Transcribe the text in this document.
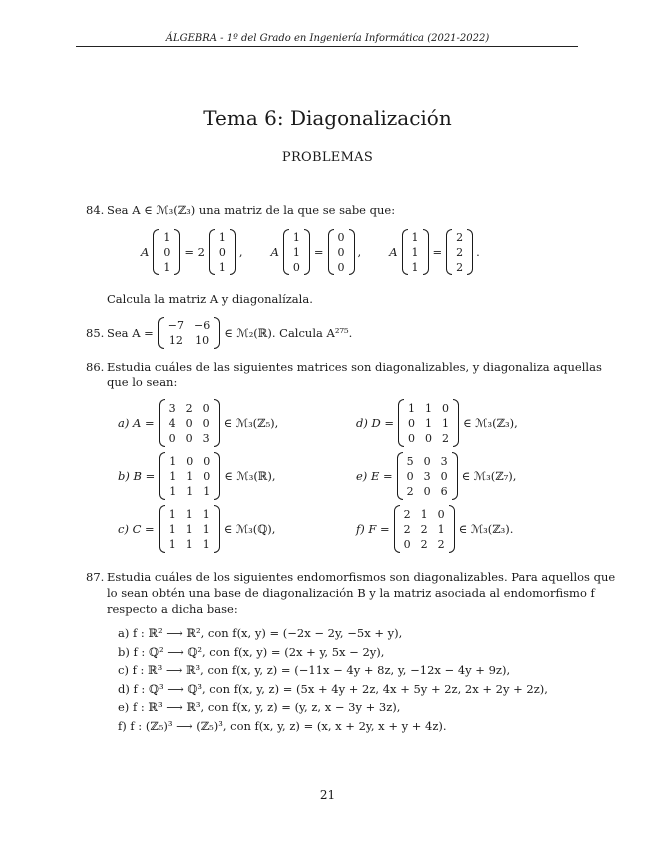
ÁLGEBRA - 1º del Grado en Ingeniería Informática (2021-2022)
Tema 6: Diagonalización
PROBLEMAS
84. Sea A ∈ ℳ₃(ℤ₃) una matriz de la que se sabe que:
A
1
0
1
= 2
1
0
1
, A
1
1
0
=
0
0
0
, A
1
1
1
=
2
2
2
.
Calcula la matriz A y diagonalízala.
85. Sea A =
−7 −6
12 10
∈ ℳ₂(ℝ). Calcula A²⁷⁵.
86. Estudia cuáles de las siguientes matrices son diagonalizables, y diagonaliza aquellas
que lo sean:
a) A =
3 2 0
4 0 0
0 0 3
∈ ℳ₃(ℤ₅),	d) D =
1 1 0
0 1 1
0 0 2
∈ ℳ₃(ℤ₃),
b) B =
1 0 0
1 1 0
1 1 1
∈ ℳ₃(ℝ),	e) E =
5 0 3
0 3 0
2 0 6
∈ ℳ₃(ℤ₇),
c) C =
1 1 1
1 1 1
1 1 1
∈ ℳ₃(ℚ),	f) F =
2 1 0
2 2 1
0 2 2
∈ ℳ₃(ℤ₃).
87. Estudia cuáles de los siguientes endomorfismos son diagonalizables. Para aquellos que
lo sean obtén una base de diagonalización B y la matriz asociada al endomorfismo f
respecto a dicha base:
a) f : ℝ² ⟶ ℝ², con f(x, y) = (−2x − 2y, −5x + y),
b) f : ℚ² ⟶ ℚ², con f(x, y) = (2x + y, 5x − 2y),
c) f : ℝ³ ⟶ ℝ³, con f(x, y, z) = (−11x − 4y + 8z, y, −12x − 4y + 9z),
d) f : ℚ³ ⟶ ℚ³, con f(x, y, z) = (5x + 4y + 2z, 4x + 5y + 2z, 2x + 2y + 2z),
e) f : ℝ³ ⟶ ℝ³, con f(x, y, z) = (y, z, x − 3y + 3z),
f) f : (ℤ₅)³ ⟶ (ℤ₅)³, con f(x, y, z) = (x, x + 2y, x + y + 4z).
21
